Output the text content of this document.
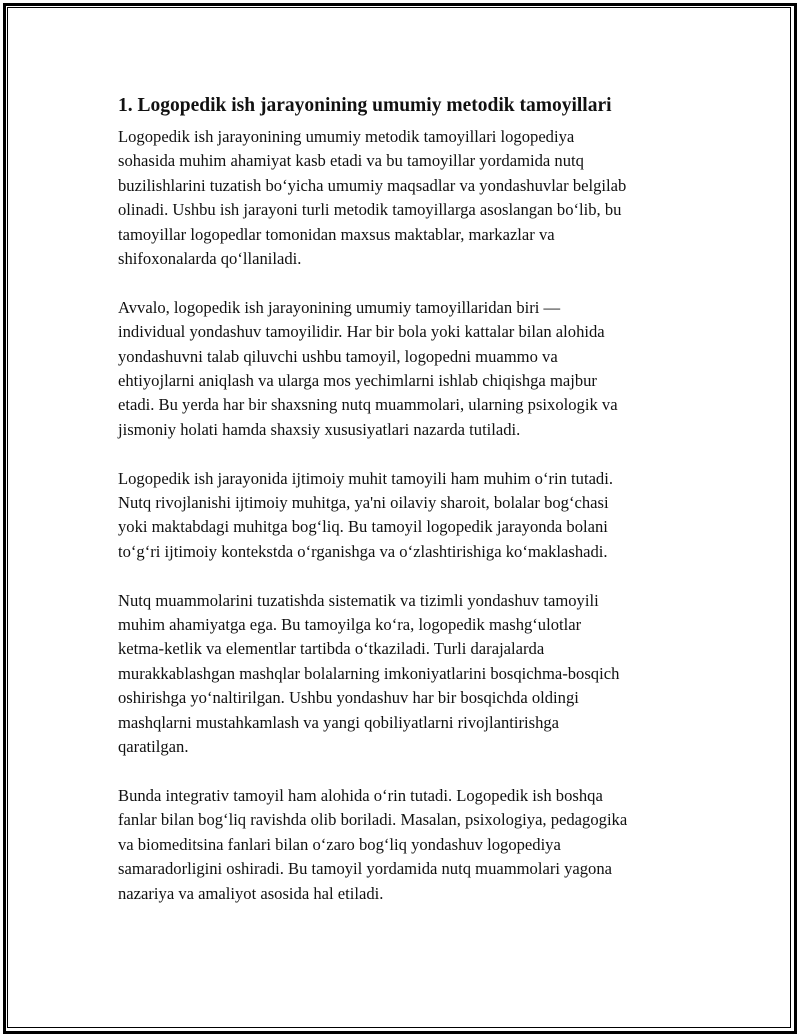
1. Logopedik ish jarayonining umumiy metodik tamoyillari
Logopedik ish jarayonining umumiy metodik tamoyillari logopediya
sohasida muhim ahamiyat kasb etadi va bu tamoyillar yordamida nutq
buzilishlarini tuzatish bo‘yicha umumiy maqsadlar va yondashuvlar belgilab
olinadi. Ushbu ish jarayoni turli metodik tamoyillarga asoslangan bo‘lib, bu
tamoyillar logopedlar tomonidan maxsus maktablar, markazlar va
shifoxonalarda qo‘llaniladi.
Avvalo, logopedik ish jarayonining umumiy tamoyillaridan biri —
individual yondashuv tamoyilidir. Har bir bola yoki kattalar bilan alohida
yondashuvni talab qiluvchi ushbu tamoyil, logopedni muammo va
ehtiyojlarni aniqlash va ularga mos yechimlarni ishlab chiqishga majbur
etadi. Bu yerda har bir shaxsning nutq muammolari, ularning psixologik va
jismoniy holati hamda shaxsiy xususiyatlari nazarda tutiladi.
Logopedik ish jarayonida ijtimoiy muhit tamoyili ham muhim o‘rin tutadi.
Nutq rivojlanishi ijtimoiy muhitga, ya'ni oilaviy sharoit, bolalar bog‘chasi
yoki maktabdagi muhitga bog‘liq. Bu tamoyil logopedik jarayonda bolani
to‘g‘ri ijtimoiy kontekstda o‘rganishga va o‘zlashtirishiga ko‘maklashadi.
Nutq muammolarini tuzatishda sistematik va tizimli yondashuv tamoyili
muhim ahamiyatga ega. Bu tamoyilga ko‘ra, logopedik mashg‘ulotlar
ketma-ketlik va elementlar tartibda o‘tkaziladi. Turli darajalarda
murakkablashgan mashqlar bolalarning imkoniyatlarini bosqichma-bosqich
oshirishga yo‘naltirilgan. Ushbu yondashuv har bir bosqichda oldingi
mashqlarni mustahkamlash va yangi qobiliyatlarni rivojlantirishga
qaratilgan.
Bunda integrativ tamoyil ham alohida o‘rin tutadi. Logopedik ish boshqa
fanlar bilan bog‘liq ravishda olib boriladi. Masalan, psixologiya, pedagogika
va biomeditsina fanlari bilan o‘zaro bog‘liq yondashuv logopediya
samaradorligini oshiradi. Bu tamoyil yordamida nutq muammolari yagona
nazariya va amaliyot asosida hal etiladi.
